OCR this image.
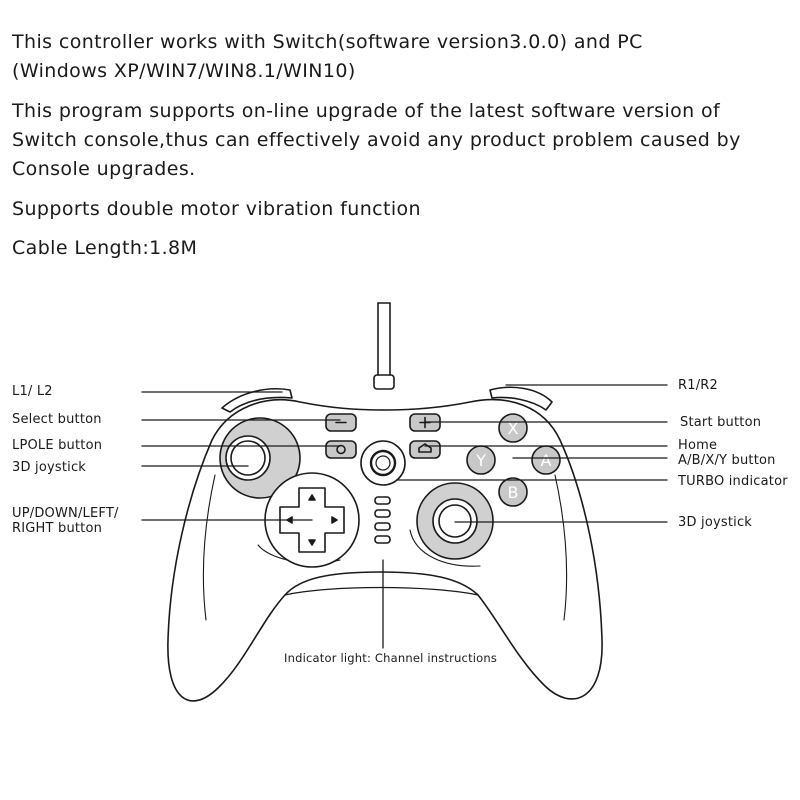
This controller works with Switch(software version3.0.0) and PC
(Windows XP/WIN7/WIN8.1/WIN10)

This program supports on-line upgrade of the latest software version of
Switch console,thus can effectively avoid any product problem caused by
Console upgrades.

Supports double motor vibration function

Cable Length:1.8M

X
Y	A
B
L1/ L2
Select button
LPOLE button
3D joystick
UP/DOWN/LEFT/
RIGHT button
R1/R2
Start button
Home
A/B/X/Y button
TURBO indicator
3D joystick
Indicator light: Channel instructions
